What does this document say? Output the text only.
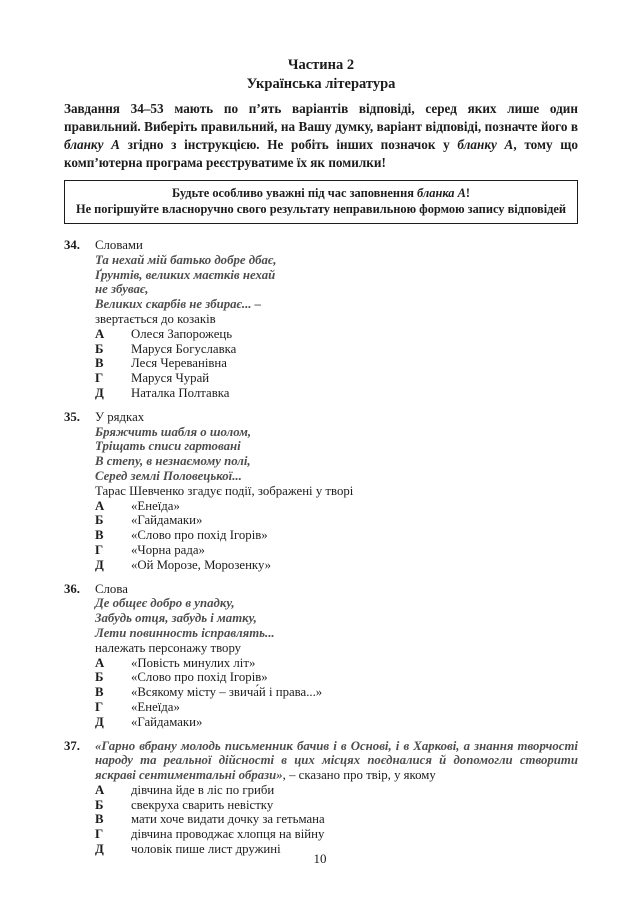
Частина 2
Українська література
Завдання 34–53 мають по п’ять варіантів відповіді, серед яких лише один правильний. Виберіть правильний, на Вашу думку, варіант відповіді, позначте його в бланку А згідно з інструкцією. Не робіть інших позначок у бланку А, тому що комп’ютерна програма реєструватиме їх як помилки!
Будьте особливо уважні під час заповнення бланка А!
Не погіршуйте власноручно свого результату неправильною формою запису відповідей
34. Словами
Та нехай мій батько добре дбає,
Ґрунтів, великих маєтків нехай
не збуває,
Великих скарбів не збирає... –
звертається до козаків
А	Олеся Запорожець
Б	Маруся Богуславка
В	Леся Череванівна
Г	Маруся Чурай
Д	Наталка Полтавка
35. У рядках
Бряжчить шабля о шолом,
Тріщать списи гартовані
В степу, в незнаємому полі,
Серед землі Половецької...
Тарас Шевченко згадує події, зображені у творі
А	«Енеїда»
Б	«Гайдамаки»
В	«Слово про похід Ігорів»
Г	«Чорна рада»
Д	«Ой Морозе, Морозенку»
36. Слова
Де общеє добро в упадку,
Забудь отця, забудь і матку,
Лети повинность ісправлять...
належать персонажу твору
А	«Повість минулих літ»
Б	«Слово про похід Ігорів»
В	«Всякому місту – звича́й і права...»
Г	«Енеїда»
Д	«Гайдамаки»
37. «Гарно вбрану молодь письменник бачив і в Основі, і в Харкові, а знання творчості народу та реальної дійсності в цих місцях поєдналися й допомогли створити яскраві сентиментальні образи», – сказано про твір, у якому
А	дівчина йде в ліс по гриби
Б	свекруха сварить невістку
В	мати хоче видати дочку за гетьмана
Г	дівчина проводжає хлопця на війну
Д	чоловік пише лист дружині
10
